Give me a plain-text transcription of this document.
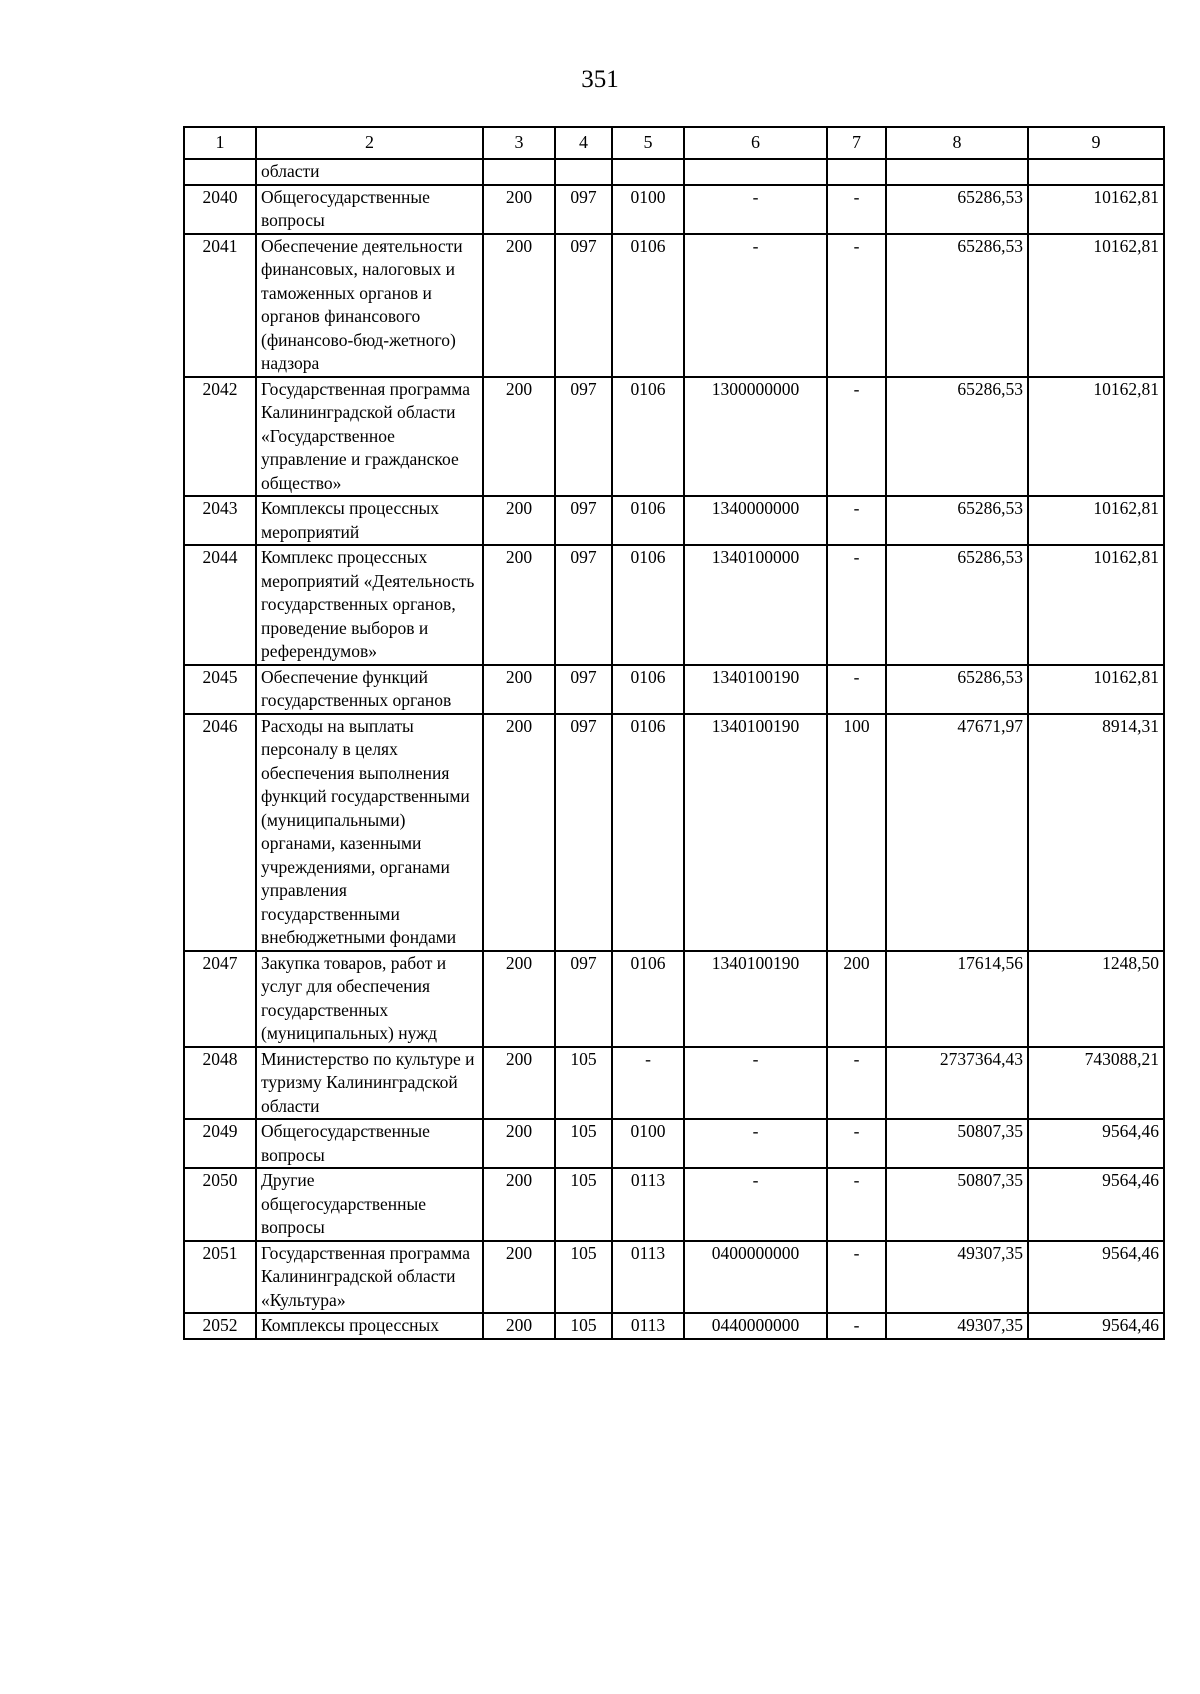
351
1	2	3	4	5	6	7	8	9
	области							
2040	Общегосударственные вопросы	200	097	0100	-	-	65286,53	10162,81
2041	Обеспечение деятельности финансовых, налоговых и таможенных органов и органов финансового (финансово-бюд-жетного) надзора	200	097	0106	-	-	65286,53	10162,81
2042	Государственная программа Калининградской области «Государственное управление и гражданское общество»	200	097	0106	1300000000	-	65286,53	10162,81
2043	Комплексы процессных мероприятий	200	097	0106	1340000000	-	65286,53	10162,81
2044	Комплекс процессных мероприятий «Деятельность государственных органов, проведение выборов и референдумов»	200	097	0106	1340100000	-	65286,53	10162,81
2045	Обеспечение функций государственных органов	200	097	0106	1340100190	-	65286,53	10162,81
2046	Расходы на выплаты персоналу в целях обеспечения выполнения функций государственными (муниципальными) органами, казенными учреждениями, органами управления государственными внебюджетными фондами	200	097	0106	1340100190	100	47671,97	8914,31
2047	Закупка товаров, работ и услуг для обеспечения государственных (муниципальных) нужд	200	097	0106	1340100190	200	17614,56	1248,50
2048	Министерство по культуре и туризму Калининградской области	200	105	-	-	-	2737364,43	743088,21
2049	Общегосударственные вопросы	200	105	0100	-	-	50807,35	9564,46
2050	Другие общегосударственные вопросы	200	105	0113	-	-	50807,35	9564,46
2051	Государственная программа Калининградской области «Культура»	200	105	0113	0400000000	-	49307,35	9564,46
2052	Комплексы процессных	200	105	0113	0440000000	-	49307,35	9564,46
